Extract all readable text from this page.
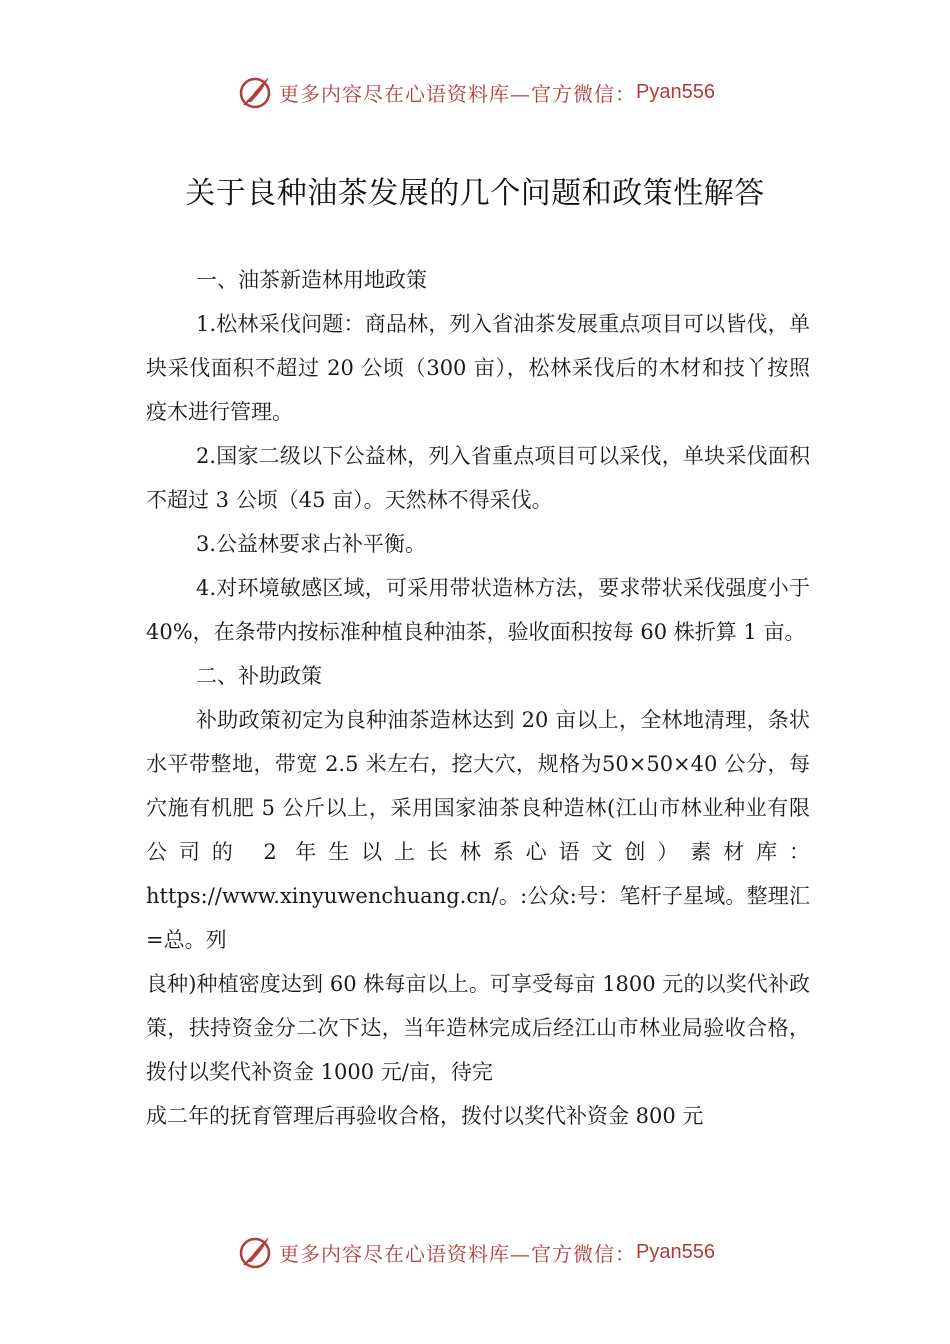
更多内容尽在心语资料库—官方微信： Pyan556
关于良种油茶发展的几个问题和政策性解答

一、油茶新造林用地政策

1.松林采伐问题：商品林，列入省油茶发展重点项目可以皆伐，单块采伐面积不超过 20 公顷（300 亩），松林采伐后的木材和技丫按照疫木进行管理。

2.国家二级以下公益林，列入省重点项目可以采伐，单块采伐面积不超过 3 公顷（45 亩）。天然林不得采伐。

3.公益林要求占补平衡。

4.对环境敏感区域，可采用带状造林方法，要求带状采伐强度小于 40%，在条带内按标准种植良种油茶，验收面积按每 60 株折算 1 亩。

二、补助政策

补助政策初定为良种油茶造林达到 20 亩以上，全林地清理，条状水平带整地，带宽 2.5 米左右，挖大穴，规格为50×50×40 公分，每穴施有机肥 5 公斤以上，采用国家油茶良种造林(江山市林业种业有限公司的 2 年生以上长林系心语文创）素材库：https://www.xinyuwenchuang.cn/。:公众:号：笔杆子星域。整理汇=总。列

良种)种植密度达到 60 株每亩以上。可享受每亩 1800 元的以奖代补政策，扶持资金分二次下达，当年造林完成后经江山市林业局验收合格，拨付以奖代补资金 1000 元/亩，待完

成二年的抚育管理后再验收合格，拨付以奖代补资金 800 元

更多内容尽在心语资料库—官方微信： Pyan556
